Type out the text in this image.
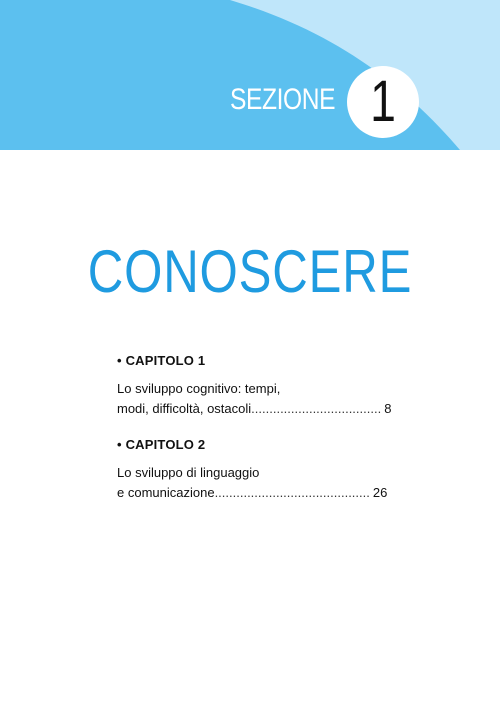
SEZIONE 1
CONOSCERE
• CAPITOLO 1
Lo sviluppo cognitivo: tempi,
modi, difficoltà, ostacoli.................................... 8
• CAPITOLO 2
Lo sviluppo di linguaggio
e comunicazione........................................... 26
